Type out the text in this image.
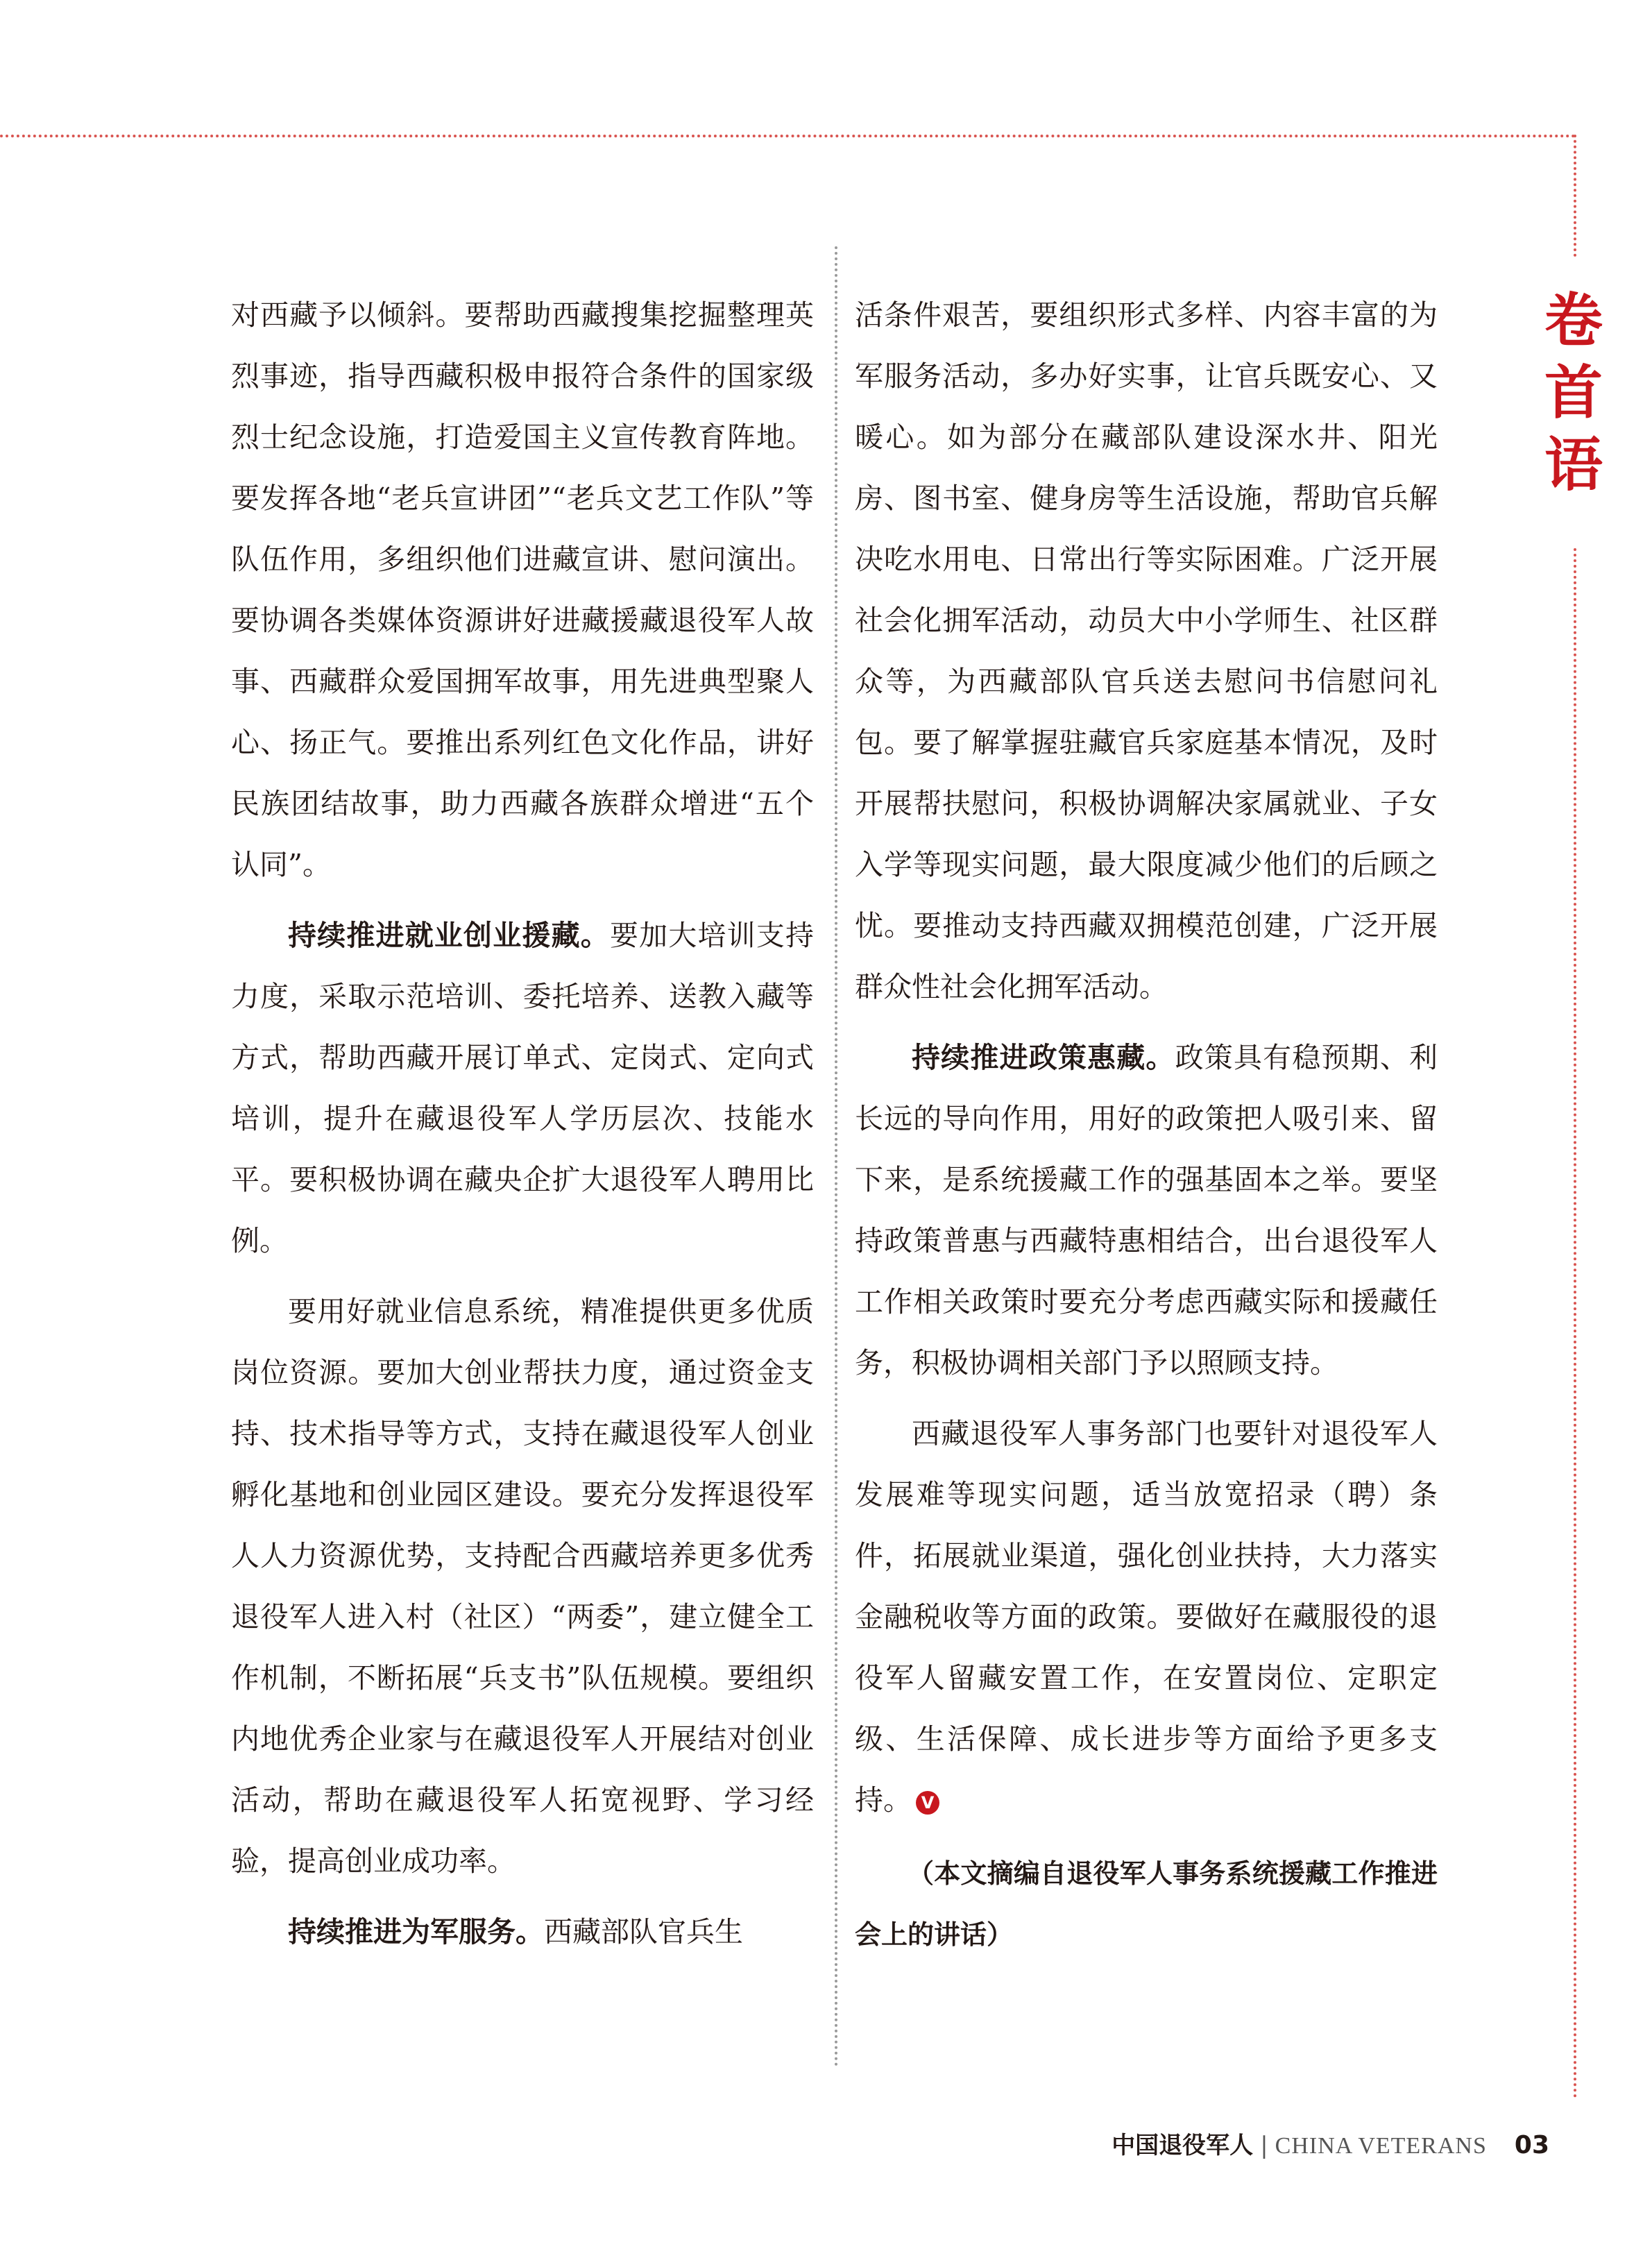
卷
首
语

对西藏予以倾斜。要帮助西藏搜集挖掘整理英烈事迹，指导西藏积极申报符合条件的国家级烈士纪念设施，打造爱国主义宣传教育阵地。要发挥各地“老兵宣讲团”“老兵文艺工作队”等队伍作用，多组织他们进藏宣讲、慰问演出。要协调各类媒体资源讲好进藏援藏退役军人故事、西藏群众爱国拥军故事，用先进典型聚人心、扬正气。要推出系列红色文化作品，讲好民族团结故事，助力西藏各族群众增进“五个认同”。

持续推进就业创业援藏。要加大培训支持力度，采取示范培训、委托培养、送教入藏等方式，帮助西藏开展订单式、定岗式、定向式培训，提升在藏退役军人学历层次、技能水平。要积极协调在藏央企扩大退役军人聘用比例。

要用好就业信息系统，精准提供更多优质岗位资源。要加大创业帮扶力度，通过资金支持、技术指导等方式，支持在藏退役军人创业孵化基地和创业园区建设。要充分发挥退役军人人力资源优势，支持配合西藏培养更多优秀退役军人进入村（社区）“两委”，建立健全工作机制，不断拓展“兵支书”队伍规模。要组织内地优秀企业家与在藏退役军人开展结对创业活动，帮助在藏退役军人拓宽视野、学习经验，提高创业成功率。

持续推进为军服务。西藏部队官兵生

活条件艰苦，要组织形式多样、内容丰富的为军服务活动，多办好实事，让官兵既安心、又暖心。如为部分在藏部队建设深水井、阳光房、图书室、健身房等生活设施，帮助官兵解决吃水用电、日常出行等实际困难。广泛开展社会化拥军活动，动员大中小学师生、社区群众等，为西藏部队官兵送去慰问书信慰问礼包。要了解掌握驻藏官兵家庭基本情况，及时开展帮扶慰问，积极协调解决家属就业、子女入学等现实问题，最大限度减少他们的后顾之忧。要推动支持西藏双拥模范创建，广泛开展群众性社会化拥军活动。

持续推进政策惠藏。政策具有稳预期、利长远的导向作用，用好的政策把人吸引来、留下来，是系统援藏工作的强基固本之举。要坚持政策普惠与西藏特惠相结合，出台退役军人工作相关政策时要充分考虑西藏实际和援藏任务，积极协调相关部门予以照顾支持。

西藏退役军人事务部门也要针对退役军人发展难等现实问题，适当放宽招录（聘）条件，拓展就业渠道，强化创业扶持，大力落实金融税收等方面的政策。要做好在藏服役的退役军人留藏安置工作，在安置岗位、定职定级、生活保障、成长进步等方面给予更多支持。 V

（本文摘编自退役军人事务系统援藏工作推进会上的讲话）

中国退役军人 | CHINA VETERANS 03
